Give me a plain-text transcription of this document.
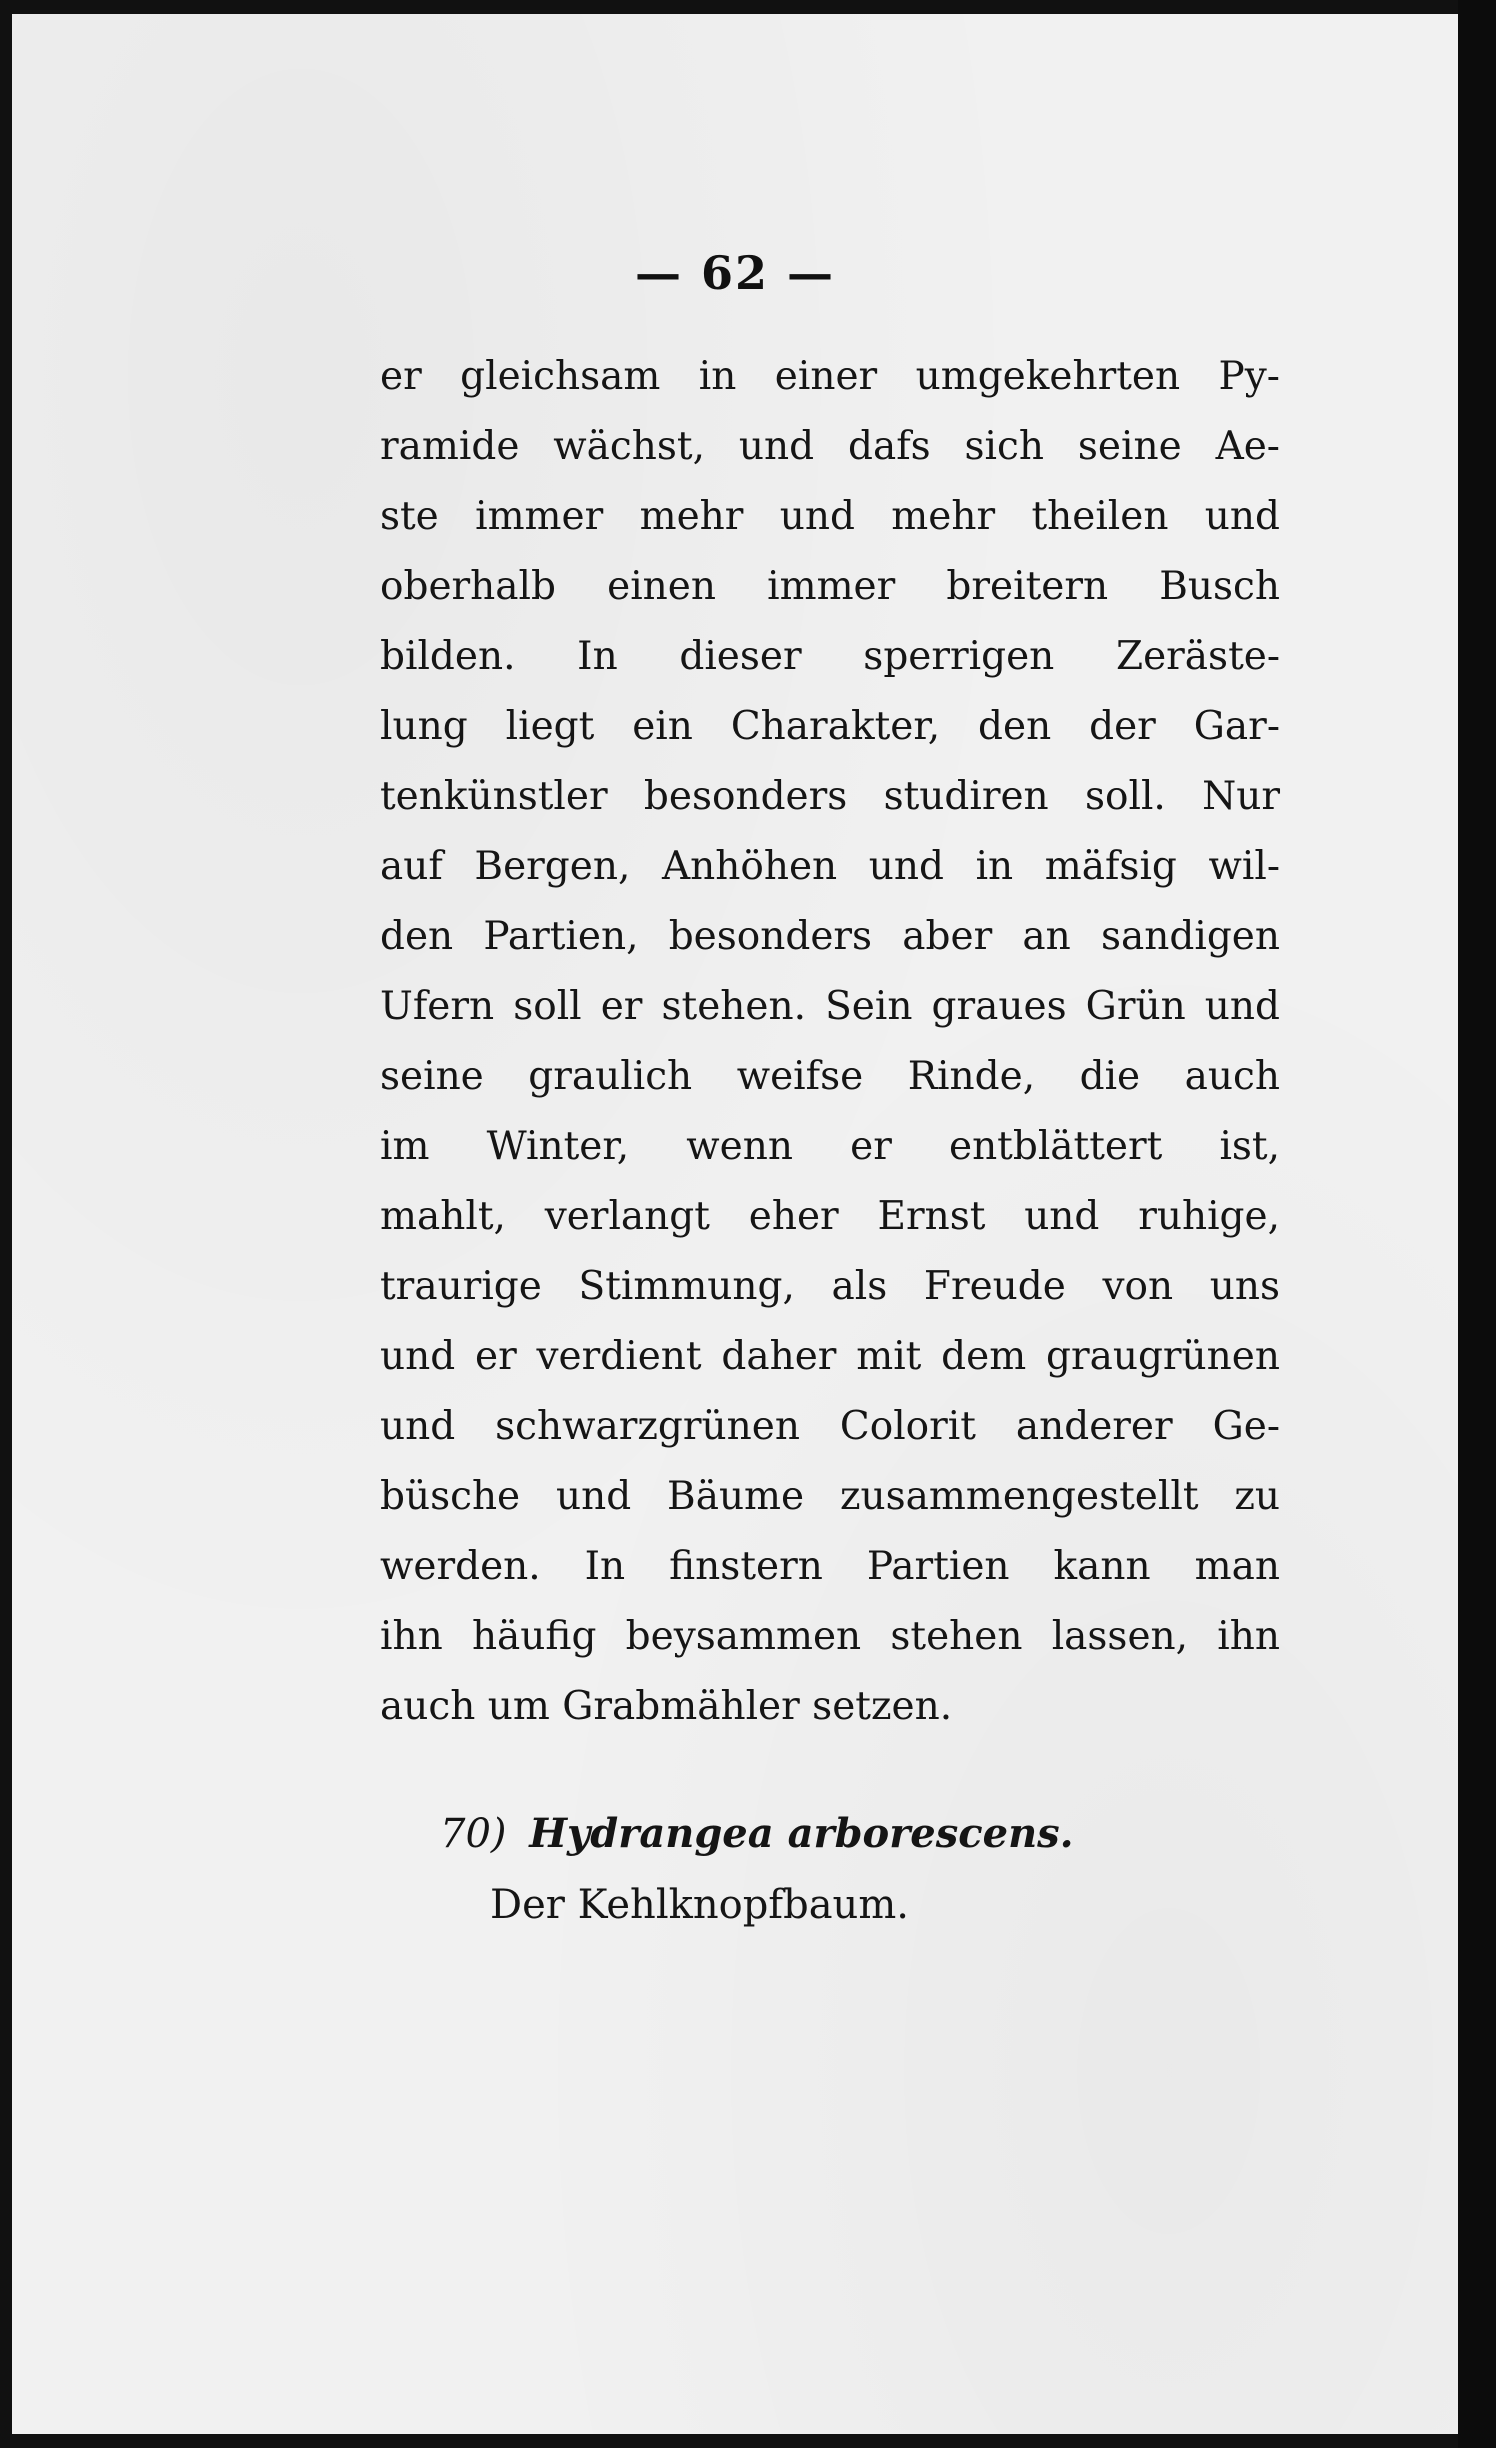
— 62 —
er gleichsam in einer umgekehrten Py-
ramide wächst, und dafs sich seine Ae-
ste immer mehr und mehr theilen und
oberhalb einen immer breitern Busch
bilden. In dieser sperrigen Zeräste-
lung liegt ein Charakter, den der Gar-
tenkünstler besonders studiren soll. Nur
auf Bergen, Anhöhen und in mäfsig wil-
den Partien, besonders aber an sandigen
Ufern soll er stehen. Sein graues Grün und
seine graulich weifse Rinde, die auch
im Winter, wenn er entblättert ist,
mahlt, verlangt eher Ernst und ruhige,
traurige Stimmung, als Freude von uns
und er verdient daher mit dem graugrünen
und schwarzgrünen Colorit anderer Ge-
büsche und Bäume zusammengestellt zu
werden. In finstern Partien kann man
ihn häufig beysammen stehen lassen, ihn
auch um Grabmähler setzen.
70) Hydrangea arborescens.
Der Kehlknopfbaum.
